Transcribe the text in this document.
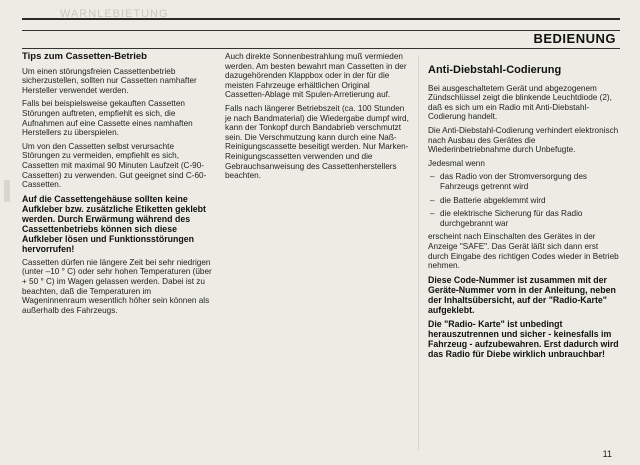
WARNLEBIETUNG
BEDIENUNG
Tips zum Cassetten-Betrieb

Um einen störungsfreien Cassettenbetrieb sicherzustellen, sollten nur Cassetten namhafter Hersteller verwendet werden.

Falls bei beispielsweise gekauften Cassetten Störungen auftreten, empfiehlt es sich, die Aufnahmen auf eine Cassette eines namhaften Herstellers zu überspielen.

Um von den Cassetten selbst verursachte Störungen zu vermeiden, empfiehlt es sich, Cassetten mit maximal 90 Minuten Laufzeit (C-90-Cassetten) zu verwenden. Gut geeignet sind C-60-Cassetten.

Auf die Cassettengehäuse sollten keine Aufkleber bzw. zusätzliche Etiketten geklebt werden. Durch Erwärmung während des Cassettenbetriebs können sich diese Aufkleber lösen und Funktionsstörungen hervorrufen!

Cassetten dürfen nie längere Zeit bei sehr niedrigen (unter –10 ° C) oder sehr hohen Temperaturen (über + 50 ° C) im Wagen gelassen werden. Dabei ist zu beachten, daß die Temperaturen im Wageninnenraum wesentlich höher sein können als außerhalb des Fahrzeugs.

Auch direkte Sonnenbestrahlung muß vermieden werden. Am besten bewahrt man Cassetten in der dazugehörenden Klappbox oder in der für die meisten Fahrzeuge erhältlichen Original Cassetten-Ablage mit Spulen-Arretierung auf.

Falls nach längerer Betriebszeit (ca. 100 Stunden je nach Bandmaterial) die Wiedergabe dumpf wird, kann der Tonkopf durch Bandabrieb verschmutzt sein. Die Verschmutzung kann durch eine Naß-Reinigungscassette beseitigt werden. Nur Marken-Reinigungscassetten verwenden und die Gebrauchsanweisung des Cassettenherstellers beachten.

Anti-Diebstahl-Codierung

Bei ausgeschaltetem Gerät und abgezogenem Zündschlüssel zeigt die blinkende Leuchtdiode (2), daß es sich um ein Radio mit Anti-Diebstahl-Codierung handelt.

Die Anti-Diebstahl-Codierung verhindert elektronisch nach Ausbau des Gerätes die Wiederinbetriebnahme durch Unbefugte.

Jedesmal wenn

– das Radio von der Stromversorgung des Fahrzeugs getrennt wird

– die Batterie abgeklemmt wird

– die elektrische Sicherung für das Radio durchgebrannt war

erscheint nach Einschalten des Gerätes in der Anzeige "SAFE". Das Gerät läßt sich dann erst durch Eingabe des richtigen Codes wieder in Betrieb nehmen.

Diese Code-Nummer ist zusammen mit der Geräte-Nummer vorn in der Anleitung, neben der Inhaltsübersicht, auf der "Radio-Karte" aufgeklebt.

Die "Radio- Karte" ist unbedingt herauszutrennen und sicher - keinesfalls im Fahrzeug - aufzubewahren. Erst dadurch wird das Radio für Diebe wirklich unbrauchbar!

11
